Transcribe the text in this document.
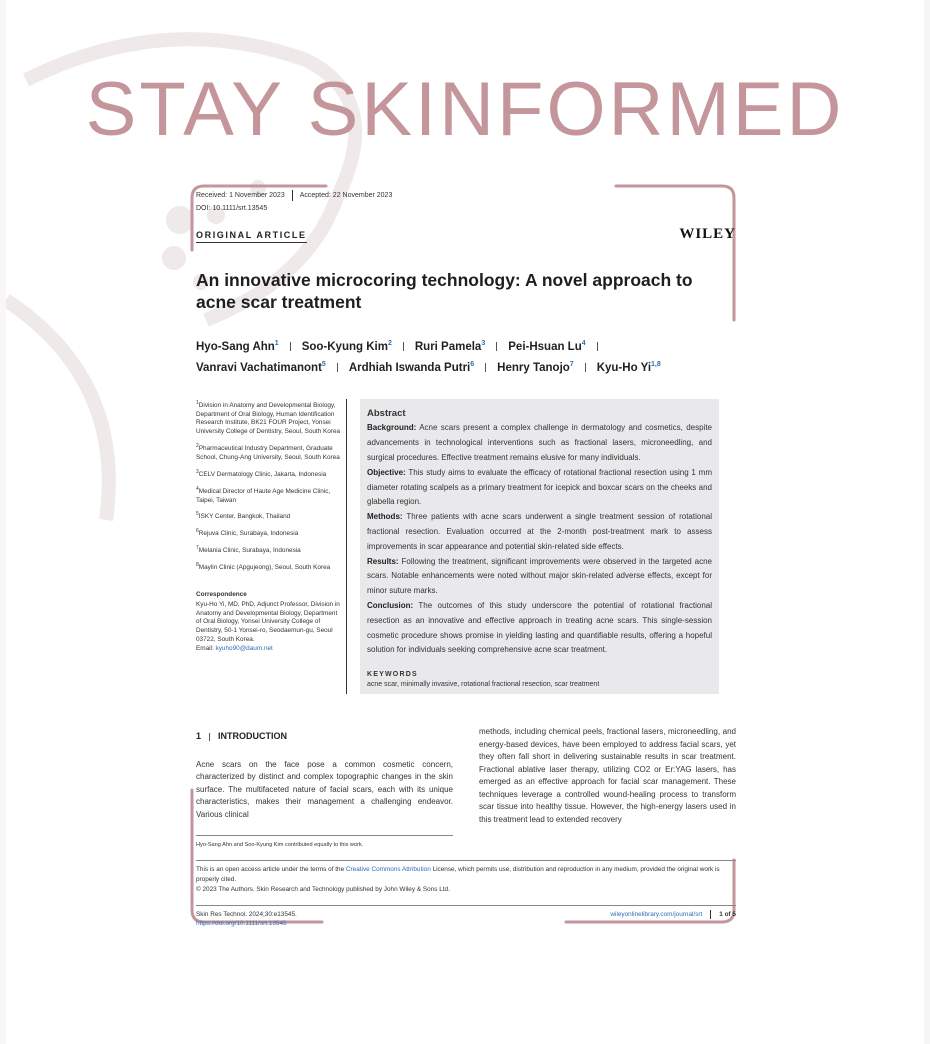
STAY SKINFORMED
Received: 1 November 2023 Accepted: 22 November 2023
DOI: 10.1111/srt.13545
ORIGINAL ARTICLE	WILEY
An innovative microcoring technology: A novel approach to acne scar treatment
Hyo-Sang Ahn$^1$ Soo-Kyung Kim$^2$ Ruri Pamela$^3$ Pei-Hsuan Lu$^4$
Vanravi Vachatimanont$^5$ Ardhiah Iswanda Putri$^6$ Henry Tanojo$^7$ Kyu-Ho Yi$^{1,8}$
$^1$Division in Anatomy and Developmental Biology, Department of Oral Biology, Human Identification Research Institute, BK21 FOUR Project, Yonsei University College of Dentistry, Seoul, South Korea
$^2$Pharmaceutical Industry Department, Graduate School, Chung-Ang University, Seoul, South Korea
$^3$CELV Dermatology Clinic, Jakarta, Indonesia
$^4$Medical Director of Haute Age Medicine Clinic, Taipei, Taiwan
$^5$ISKY Center, Bangkok, Thailand
$^6$Rejuva Clinic, Surabaya, Indonesia
$^7$Melania Clinic, Surabaya, Indonesia
$^8$Maylin Clinic (Apgujeong), Seoul, South Korea
Correspondence
Kyu-Ho Yi, MD, PhD, Adjunct Professor, Division in Anatomy and Developmental Biology, Department of Oral Biology, Yonsei University College of Dentistry, 50-1 Yonsei-ro, Seodaemun-gu, Seoul 03722, South Korea.
Email: kyuho90@daum.net
Abstract

Background: Acne scars present a complex challenge in dermatology and cosmetics, despite advancements in technological interventions such as fractional lasers, microneedling, and surgical procedures. Effective treatment remains elusive for many individuals.

Objective: This study aims to evaluate the efficacy of rotational fractional resection using 1 mm diameter rotating scalpels as a primary treatment for icepick and boxcar scars on the cheeks and glabella region.

Methods: Three patients with acne scars underwent a single treatment session of rotational fractional resection. Evaluation occurred at the 2-month post-treatment mark to assess improvements in scar appearance and potential skin-related side effects.

Results: Following the treatment, significant improvements were observed in the targeted acne scars. Notable enhancements were noted without major skin-related adverse effects, except for minor suture marks.

Conclusion: The outcomes of this study underscore the potential of rotational fractional resection as an innovative and effective approach in treating acne scars. This single-session cosmetic procedure shows promise in yielding lasting and quantifiable results, offering a hopeful solution for individuals seeking comprehensive acne scar treatment.

KEYWORDS
acne scar, minimally invasive, rotational fractional resection, scar treatment
1 INTRODUCTION

Acne scars on the face pose a common cosmetic concern, characterized by distinct and complex topographic changes in the skin surface. The multifaceted nature of facial scars, each with its unique characteristics, makes their management a challenging endeavor. Various clinical

Hyo-Sang Ahn and Soo-Kyung Kim contributed equally to this work.

methods, including chemical peels, fractional lasers, microneedling, and energy-based devices, have been employed to address facial scars, yet they often fall short in delivering sustainable results in scar treatment. Fractional ablative laser therapy, utilizing CO2 or Er:YAG lasers, has emerged as an effective approach for facial scar management. These techniques leverage a controlled wound-healing process to transform scar tissue into healthy tissue. However, the high-energy lasers used in this treatment lead to extended recovery

This is an open access article under the terms of the Creative Commons Attribution License, which permits use, distribution and reproduction in any medium, provided the original work is properly cited.
© 2023 The Authors. Skin Research and Technology published by John Wiley & Sons Ltd.
Skin Res Technol. 2024;30:e13545.
https://doi.org/10.1111/srt.13545
wileyonlinelibrary.com/journal/srt	1 of 5
